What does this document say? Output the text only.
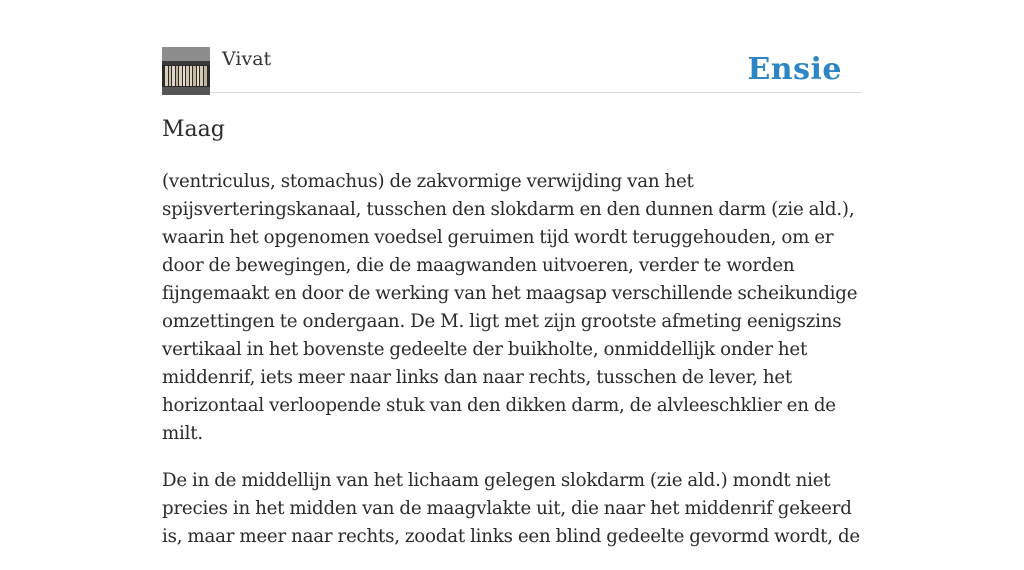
Vivat	Ensie
Maag

(ventriculus, stomachus) de zakvormige verwijding van het spijsverteringskanaal, tusschen den slokdarm en den dunnen darm (zie ald.), waarin het opgenomen voedsel geruimen tijd wordt teruggehouden, om er door de bewegingen, die de maagwanden uitvoeren, verder te worden fijngemaakt en door de werking van het maagsap verschillende scheikundige omzettingen te ondergaan. De M. ligt met zijn grootste afmeting eenigszins vertikaal in het bovenste gedeelte der buikholte, onmiddellijk onder het middenrif, iets meer naar links dan naar rechts, tusschen de lever, het horizontaal verloopende stuk van den dikken darm, de alvleeschklier en de milt.

De in de middellijn van het lichaam gelegen slokdarm (zie ald.) mondt niet precies in het midden van de maagvlakte uit, die naar het middenrif gekeerd is, maar meer naar rechts, zoodat links een blind gedeelte gevormd wordt, de
